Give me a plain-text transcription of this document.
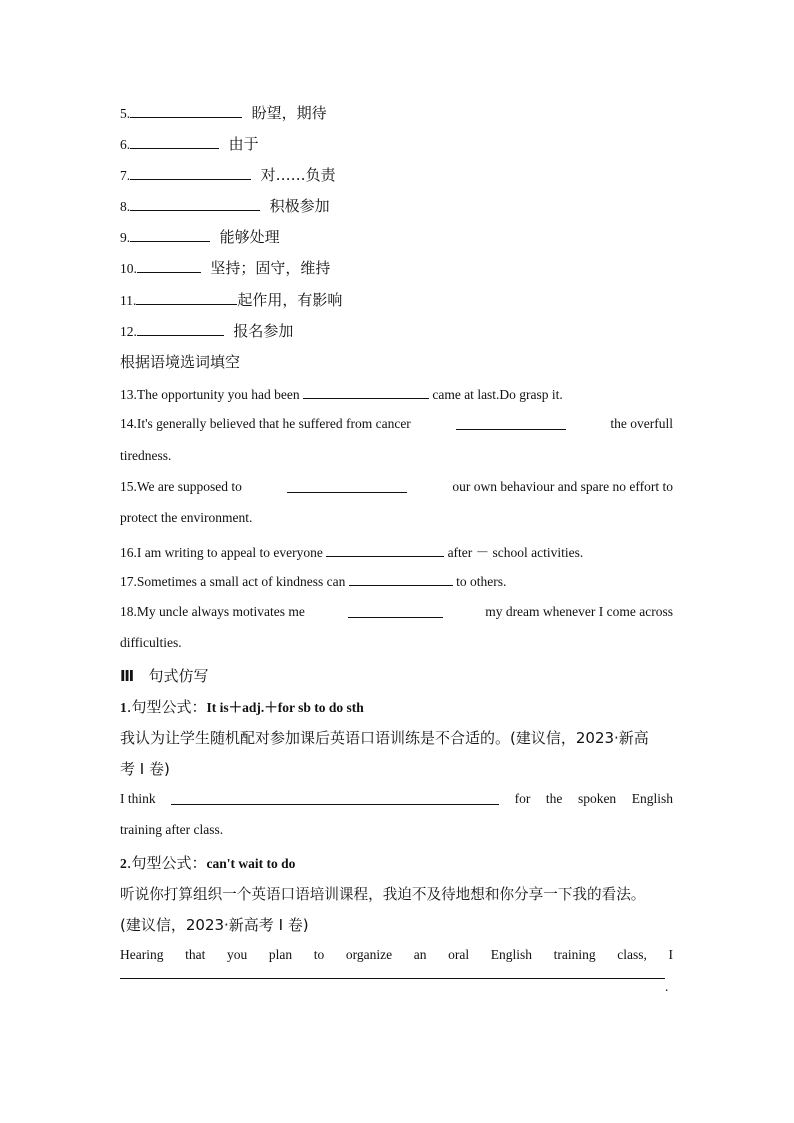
5.	盼望，期待
6.	由于
7.	对……负责
8.	积极参加
9.	能够处理
10.	坚持；固守，维持
11.	起作用，有影响
12.	报名参加
根据语境选词填空
13.The opportunity you had been	came at last.Do grasp it.
14.It's generally believed that he suffered from cancer	the overfull
tiredness.
15.We are supposed to	our own behaviour and spare no effort to
protect the environment.
16.I am writing to appeal to everyone	after － school activities.
17.Sometimes a small act of kindness can	to others.
18.My uncle always motivates me	my dream whenever I come across
difficulties.
Ⅲ 句式仿写
1.句型公式：It is＋adj.＋for sb to do sth
我认为让学生随机配对参加课后英语口语训练是不合适的。(建议信，2023·新高
考 Ⅰ 卷)
I think	for the spoken English
training after class.
2.句型公式：can't wait to do
听说你打算组织一个英语口语培训课程，我迫不及待地想和你分享一下我的看法。
(建议信，2023·新高考 Ⅰ 卷)
Hearing that you plan to organize an oral English training class, I
.
